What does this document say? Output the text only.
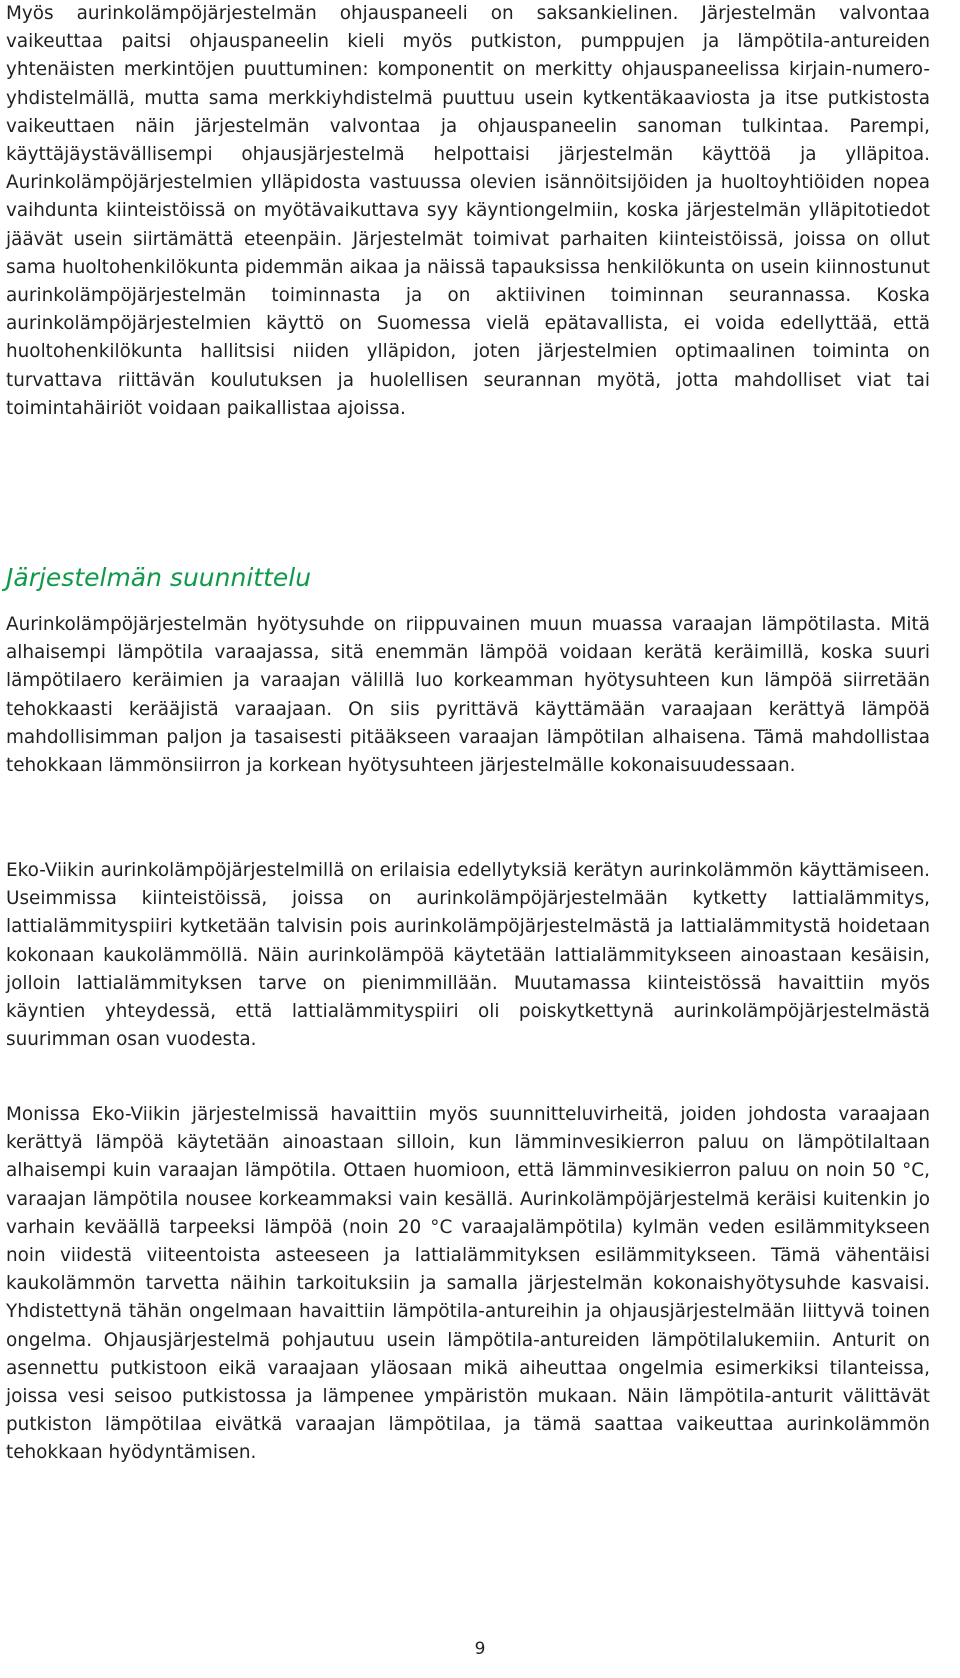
Myös aurinkolämpöjärjestelmän ohjauspaneeli on saksankielinen. Järjestelmän valvontaa vaikeuttaa paitsi ohjauspaneelin kieli myös putkiston, pumppujen ja lämpötila-antureiden yhtenäisten merkintöjen puuttuminen: komponentit on merkitty ohjauspaneelissa kirjain-numero-yhdistelmällä, mutta sama merkkiyhdistelmä puuttuu usein kytkentäkaaviosta ja itse putkistosta vaikeuttaen näin järjestelmän valvontaa ja ohjauspaneelin sanoman tulkintaa. Parempi, käyttäjäystävällisempi ohjausjärjestelmä helpottaisi järjestelmän käyttöä ja ylläpitoa. Aurinkolämpöjärjestelmien ylläpidosta vastuussa olevien isännöitsijöiden ja huoltoyhtiöiden nopea vaihdunta kiinteistöissä on myötävaikuttava syy käyntiongelmiin, koska järjestelmän ylläpitotiedot jäävät usein siirtämättä eteenpäin. Järjestelmät toimivat parhaiten kiinteistöissä, joissa on ollut sama huoltohenkilökunta pidemmän aikaa ja näissä tapauksissa henkilökunta on usein kiinnostunut aurinkolämpöjärjestelmän toiminnasta ja on aktiivinen toiminnan seurannassa. Koska aurinkolämpöjärjestelmien käyttö on Suomessa vielä epätavallista, ei voida edellyttää, että huoltohenkilökunta hallitsisi niiden ylläpidon, joten järjestelmien optimaalinen toiminta on turvattava riittävän koulutuksen ja huolellisen seurannan myötä, jotta mahdolliset viat tai toimintahäiriöt voidaan paikallistaa ajoissa.

Järjestelmän suunnittelu

Aurinkolämpöjärjestelmän hyötysuhde on riippuvainen muun muassa varaajan lämpötilasta. Mitä alhaisempi lämpötila varaajassa, sitä enemmän lämpöä voidaan kerätä keräimillä, koska suuri lämpötilaero keräimien ja varaajan välillä luo korkeamman hyötysuhteen kun lämpöä siirretään tehokkaasti kerääjistä varaajaan. On siis pyrittävä käyttämään varaajaan kerättyä lämpöä mahdollisimman paljon ja tasaisesti pitääkseen varaajan lämpötilan alhaisena. Tämä mahdollistaa tehokkaan lämmönsiirron ja korkean hyötysuhteen järjestelmälle kokonaisuudessaan.

Eko-Viikin aurinkolämpöjärjestelmillä on erilaisia edellytyksiä kerätyn aurinkolämmön käyttämiseen. Useimmissa kiinteistöissä, joissa on aurinkolämpöjärjestelmään kytketty lattialämmitys, lattialämmityspiiri kytketään talvisin pois aurinkolämpöjärjestelmästä ja lattialämmitystä hoidetaan kokonaan kaukolämmöllä. Näin aurinkolämpöä käytetään lattialämmitykseen ainoastaan kesäisin, jolloin lattialämmityksen tarve on pienimmillään. Muutamassa kiinteistössä havaittiin myös käyntien yhteydessä, että lattialämmityspiiri oli poiskytkettynä aurinkolämpöjärjestelmästä suurimman osan vuodesta.

Monissa Eko-Viikin järjestelmissä havaittiin myös suunnitteluvirheitä, joiden johdosta varaajaan kerättyä lämpöä käytetään ainoastaan silloin, kun lämminvesikierron paluu on lämpötilaltaan alhaisempi kuin varaajan lämpötila. Ottaen huomioon, että lämminvesikierron paluu on noin 50 °C, varaajan lämpötila nousee korkeammaksi vain kesällä. Aurinkolämpöjärjestelmä keräisi kuitenkin jo varhain keväällä tarpeeksi lämpöä (noin 20 °C varaajalämpötila) kylmän veden esilämmitykseen noin viidestä viiteentoista asteeseen ja lattialämmityksen esilämmitykseen. Tämä vähentäisi kaukolämmön tarvetta näihin tarkoituksiin ja samalla järjestelmän kokonaishyötysuhde kasvaisi. Yhdistettynä tähän ongelmaan havaittiin lämpötila-antureihin ja ohjausjärjestelmään liittyvä toinen ongelma. Ohjausjärjestelmä pohjautuu usein lämpötila-antureiden lämpötilalukemiin. Anturit on asennettu putkistoon eikä varaajaan yläosaan mikä aiheuttaa ongelmia esimerkiksi tilanteissa, joissa vesi seisoo putkistossa ja lämpenee ympäristön mukaan. Näin lämpötila-anturit välittävät putkiston lämpötilaa eivätkä varaajan lämpötilaa, ja tämä saattaa vaikeuttaa aurinkolämmön tehokkaan hyödyntämisen.

9
